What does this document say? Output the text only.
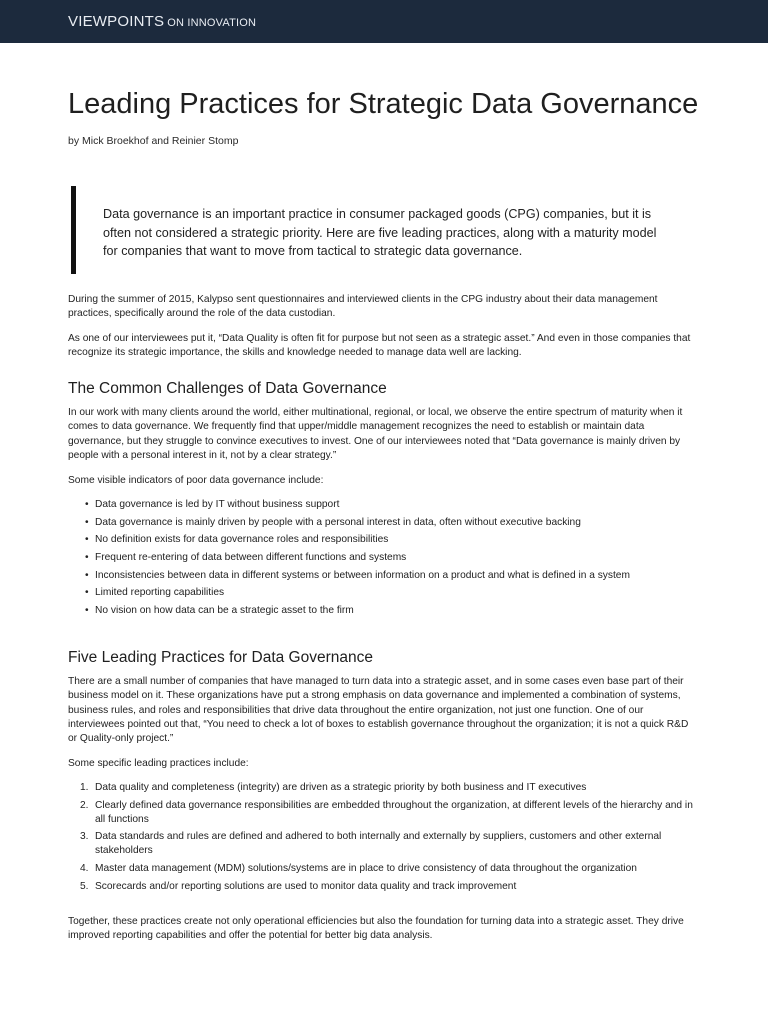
VIEWPOINTS ON INNOVATION
Leading Practices for Strategic Data Governance
by Mick Broekhof and Reinier Stomp

Data governance is an important practice in consumer packaged goods (CPG) companies, but it is often not considered a strategic priority. Here are five leading practices, along with a maturity model for companies that want to move from tactical to strategic data governance.

During the summer of 2015, Kalypso sent questionnaires and interviewed clients in the CPG industry about their data management practices, specifically around the role of the data custodian.

As one of our interviewees put it, “Data Quality is often fit for purpose but not seen as a strategic asset.” And even in those companies that recognize its strategic importance, the skills and knowledge needed to manage data well are lacking.

The Common Challenges of Data Governance

In our work with many clients around the world, either multinational, regional, or local, we observe the entire spectrum of maturity when it comes to data governance. We frequently find that upper/middle management recognizes the need to establish or maintain data governance, but they struggle to convince executives to invest. One of our interviewees noted that “Data governance is mainly driven by people with a personal interest in it, not by a clear strategy.”

Some visible indicators of poor data governance include:

• Data governance is led by IT without business support
• Data governance is mainly driven by people with a personal interest in data, often without executive backing
• No definition exists for data governance roles and responsibilities
• Frequent re-entering of data between different functions and systems
• Inconsistencies between data in different systems or between information on a product and what is defined in a system
• Limited reporting capabilities
• No vision on how data can be a strategic asset to the firm
Five Leading Practices for Data Governance

There are a small number of companies that have managed to turn data into a strategic asset, and in some cases even base part of their business model on it. These organizations have put a strong emphasis on data governance and implemented a combination of systems, business rules, and roles and responsibilities that drive data throughout the entire organization, not just one function. One of our interviewees pointed out that, “You need to check a lot of boxes to establish governance throughout the organization; it is not a quick R&D or Quality-only project.”

Some specific leading practices include:

1. Data quality and completeness (integrity) are driven as a strategic priority by both business and IT executives
2. Clearly defined data governance responsibilities are embedded throughout the organization, at different levels of the hierarchy and in all functions
3. Data standards and rules are defined and adhered to both internally and externally by suppliers, customers and other external stakeholders
4. Master data management (MDM) solutions/systems are in place to drive consistency of data throughout the organization
5. Scorecards and/or reporting solutions are used to monitor data quality and track improvement

Together, these practices create not only operational efficiencies but also the foundation for turning data into a strategic asset. They drive improved reporting capabilities and offer the potential for better big data analysis.
